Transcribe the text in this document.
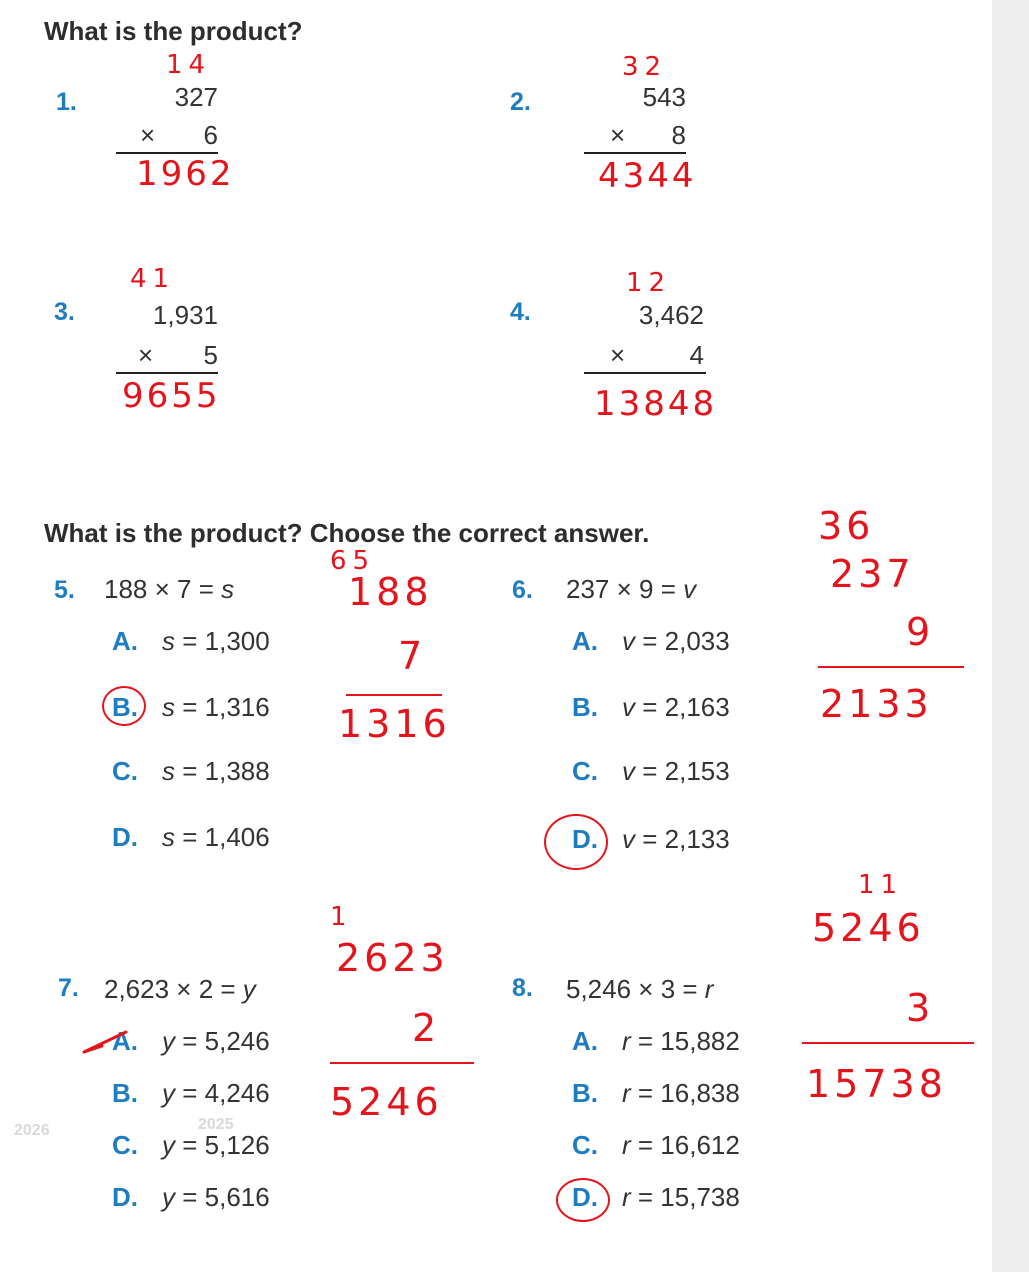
What is the product?
1.
14
327
×	6
1962
2.
32
543
×	8
4344
3.
41
1,931
×	5
9655
4.
12
3,462
×	4
13848
What is the product? Choose the correct answer.
5. 188 × 7 = s
A. s = 1,300
B. s = 1,316
C. s = 1,388
D. s = 1,406
65
188
7
1316
6. 237 × 9 = v
A. v = 2,033
B. v = 2,163
C. v = 2,153
D. v = 2,133
36
237
9
2133
7. 2,623 × 2 = y
A. y = 5,246
B. y = 4,246
C. y = 5,126
D. y = 5,616
1
2623
2
5246
8. 5,246 × 3 = r
A. r = 15,882
B. r = 16,838
C. r = 16,612
D. r = 15,738
11
5246
3
15738
2026	2025
